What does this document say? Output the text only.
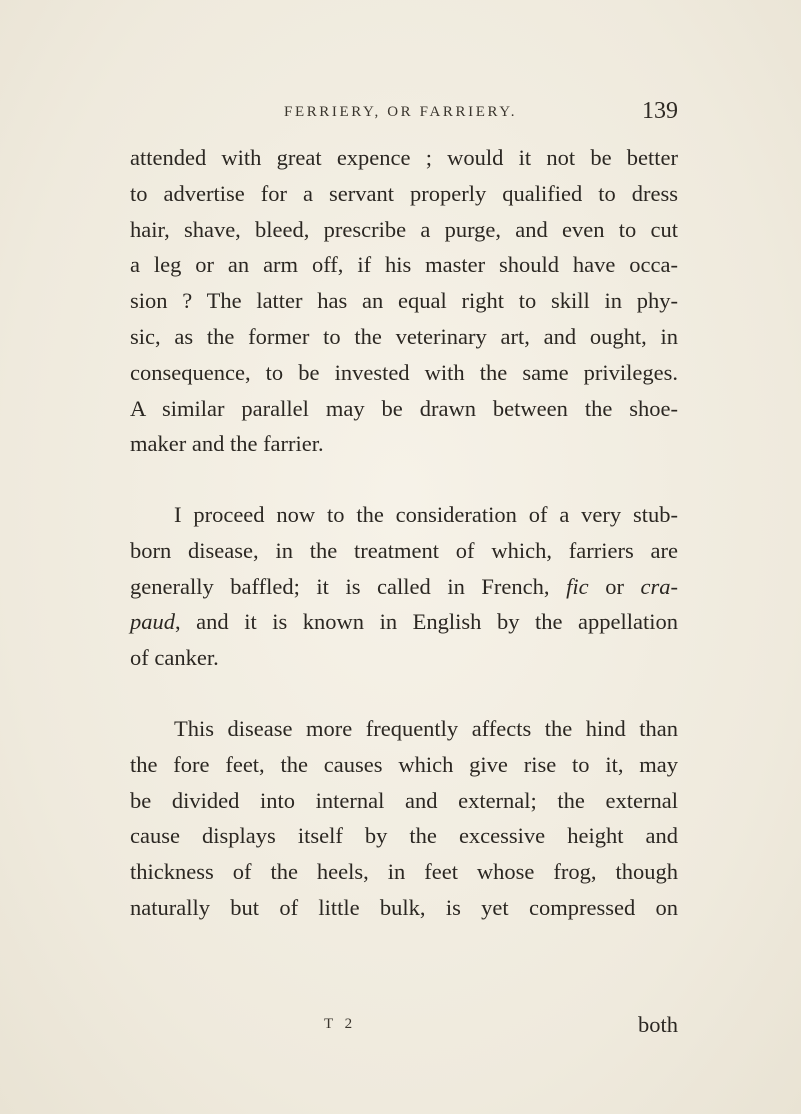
FERRIERY, OR FARRIERY.	139
attended with great expence ; would it not be better
to advertise for a servant properly qualified to dress
hair, shave, bleed, prescribe a purge, and even to cut
a leg or an arm off, if his master should have occa-
sion ? The latter has an equal right to skill in phy-
sic, as the former to the veterinary art, and ought, in
consequence, to be invested with the same privileges.
A similar parallel may be drawn between the shoe-
maker and the farrier.
I proceed now to the consideration of a very stub-
born disease, in the treatment of which, farriers are
generally baffled; it is called in French, fic or cra-
paud, and it is known in English by the appellation
of canker.
This disease more frequently affects the hind than
the fore feet, the causes which give rise to it, may
be divided into internal and external; the external
cause displays itself by the excessive height and
thickness of the heels, in feet whose frog, though
naturally but of little bulk, is yet compressed on
T 2	both
